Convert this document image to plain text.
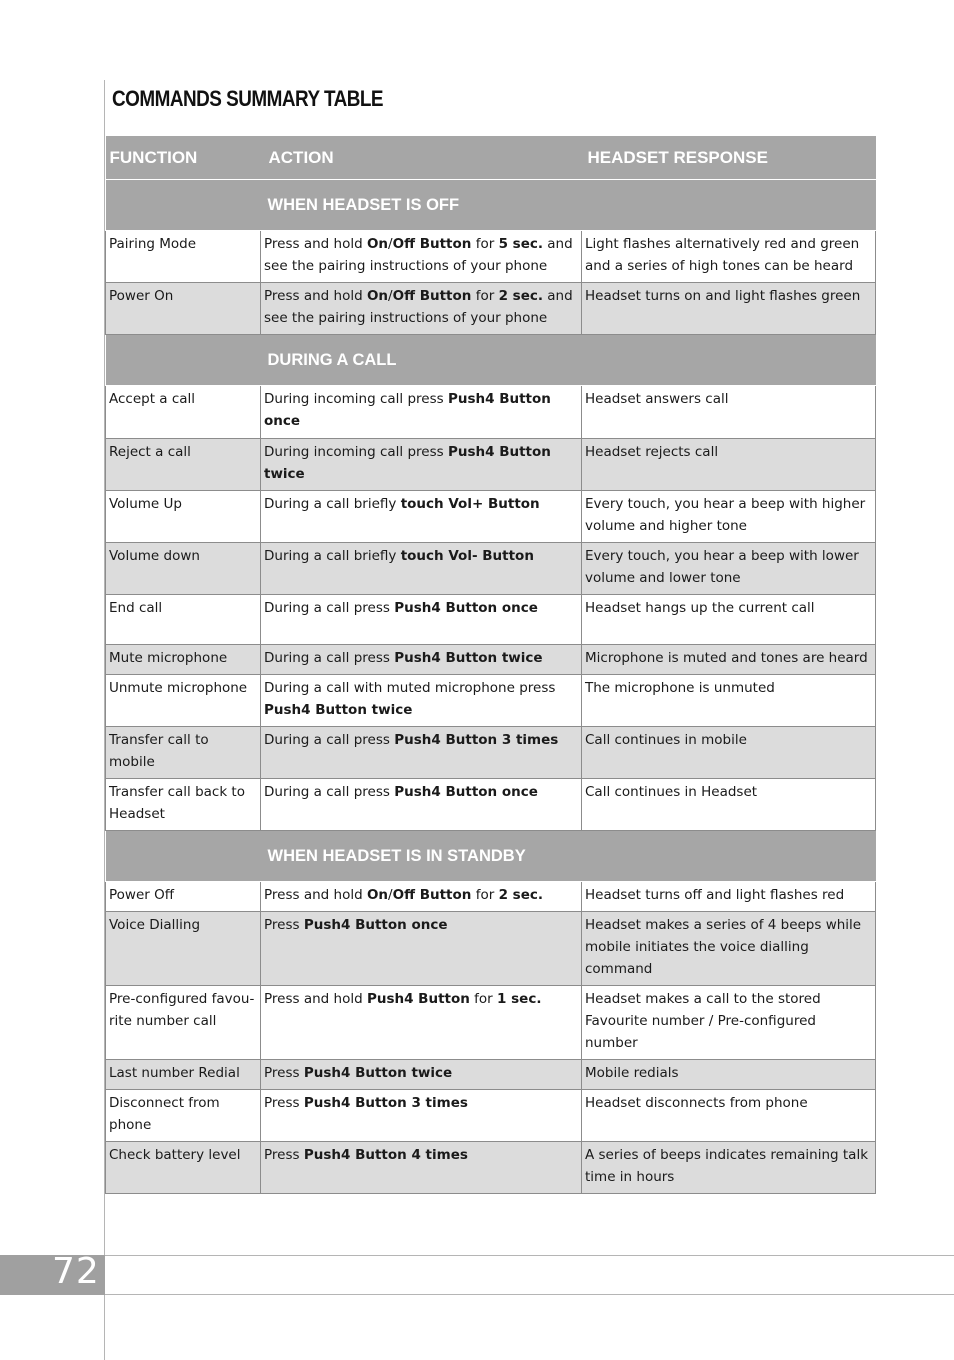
COMMANDS SUMMARY TABLE
FUNCTION	ACTION	HEADSET RESPONSE
	WHEN HEADSET IS OFF	
Pairing Mode	Press and hold On/Off Button for 5 sec. and see the pairing instructions of your phone	Light flashes alternatively red and green and a series of high tones can be heard
Power On	Press and hold On/Off Button for 2 sec. and see the pairing instructions of your phone	Headset turns on and light flashes green
	DURING A CALL	
Accept a call	During incoming call press Push4 Button once	Headset answers call
Reject a call	During incoming call press Push4 Button twice	Headset rejects call
Volume Up	During a call briefly touch Vol+ Button	Every touch, you hear a beep with higher volume and higher tone
Volume down	During a call briefly touch Vol- Button	Every touch, you hear a beep with lower volume and lower tone
End call	During a call press Push4 Button once	Headset hangs up the current call
Mute microphone	During a call press Push4 Button twice	Microphone is muted and tones are heard
Unmute microphone	During a call with muted microphone press Push4 Button twice	The microphone is unmuted
Transfer call to mobile	During a call press Push4 Button 3 times	Call continues in mobile
Transfer call back to Headset	During a call press Push4 Button once	Call continues in Headset
	WHEN HEADSET IS IN STANDBY	
Power Off	Press and hold On/Off Button for 2 sec.	Headset turns off and light flashes red
Voice Dialling	Press Push4 Button once	Headset makes a series of 4 beeps while mobile initiates the voice dialling command
Pre-configured favou-rite number call	Press and hold Push4 Button for 1 sec.	Headset makes a call to the stored Favourite number / Pre-configured number
Last number Redial	Press Push4 Button twice	Mobile redials
Disconnect from phone	Press Push4 Button 3 times	Headset disconnects from phone
Check battery level	Press Push4 Button 4 times	A series of beeps indicates remaining talk time in hours
72
